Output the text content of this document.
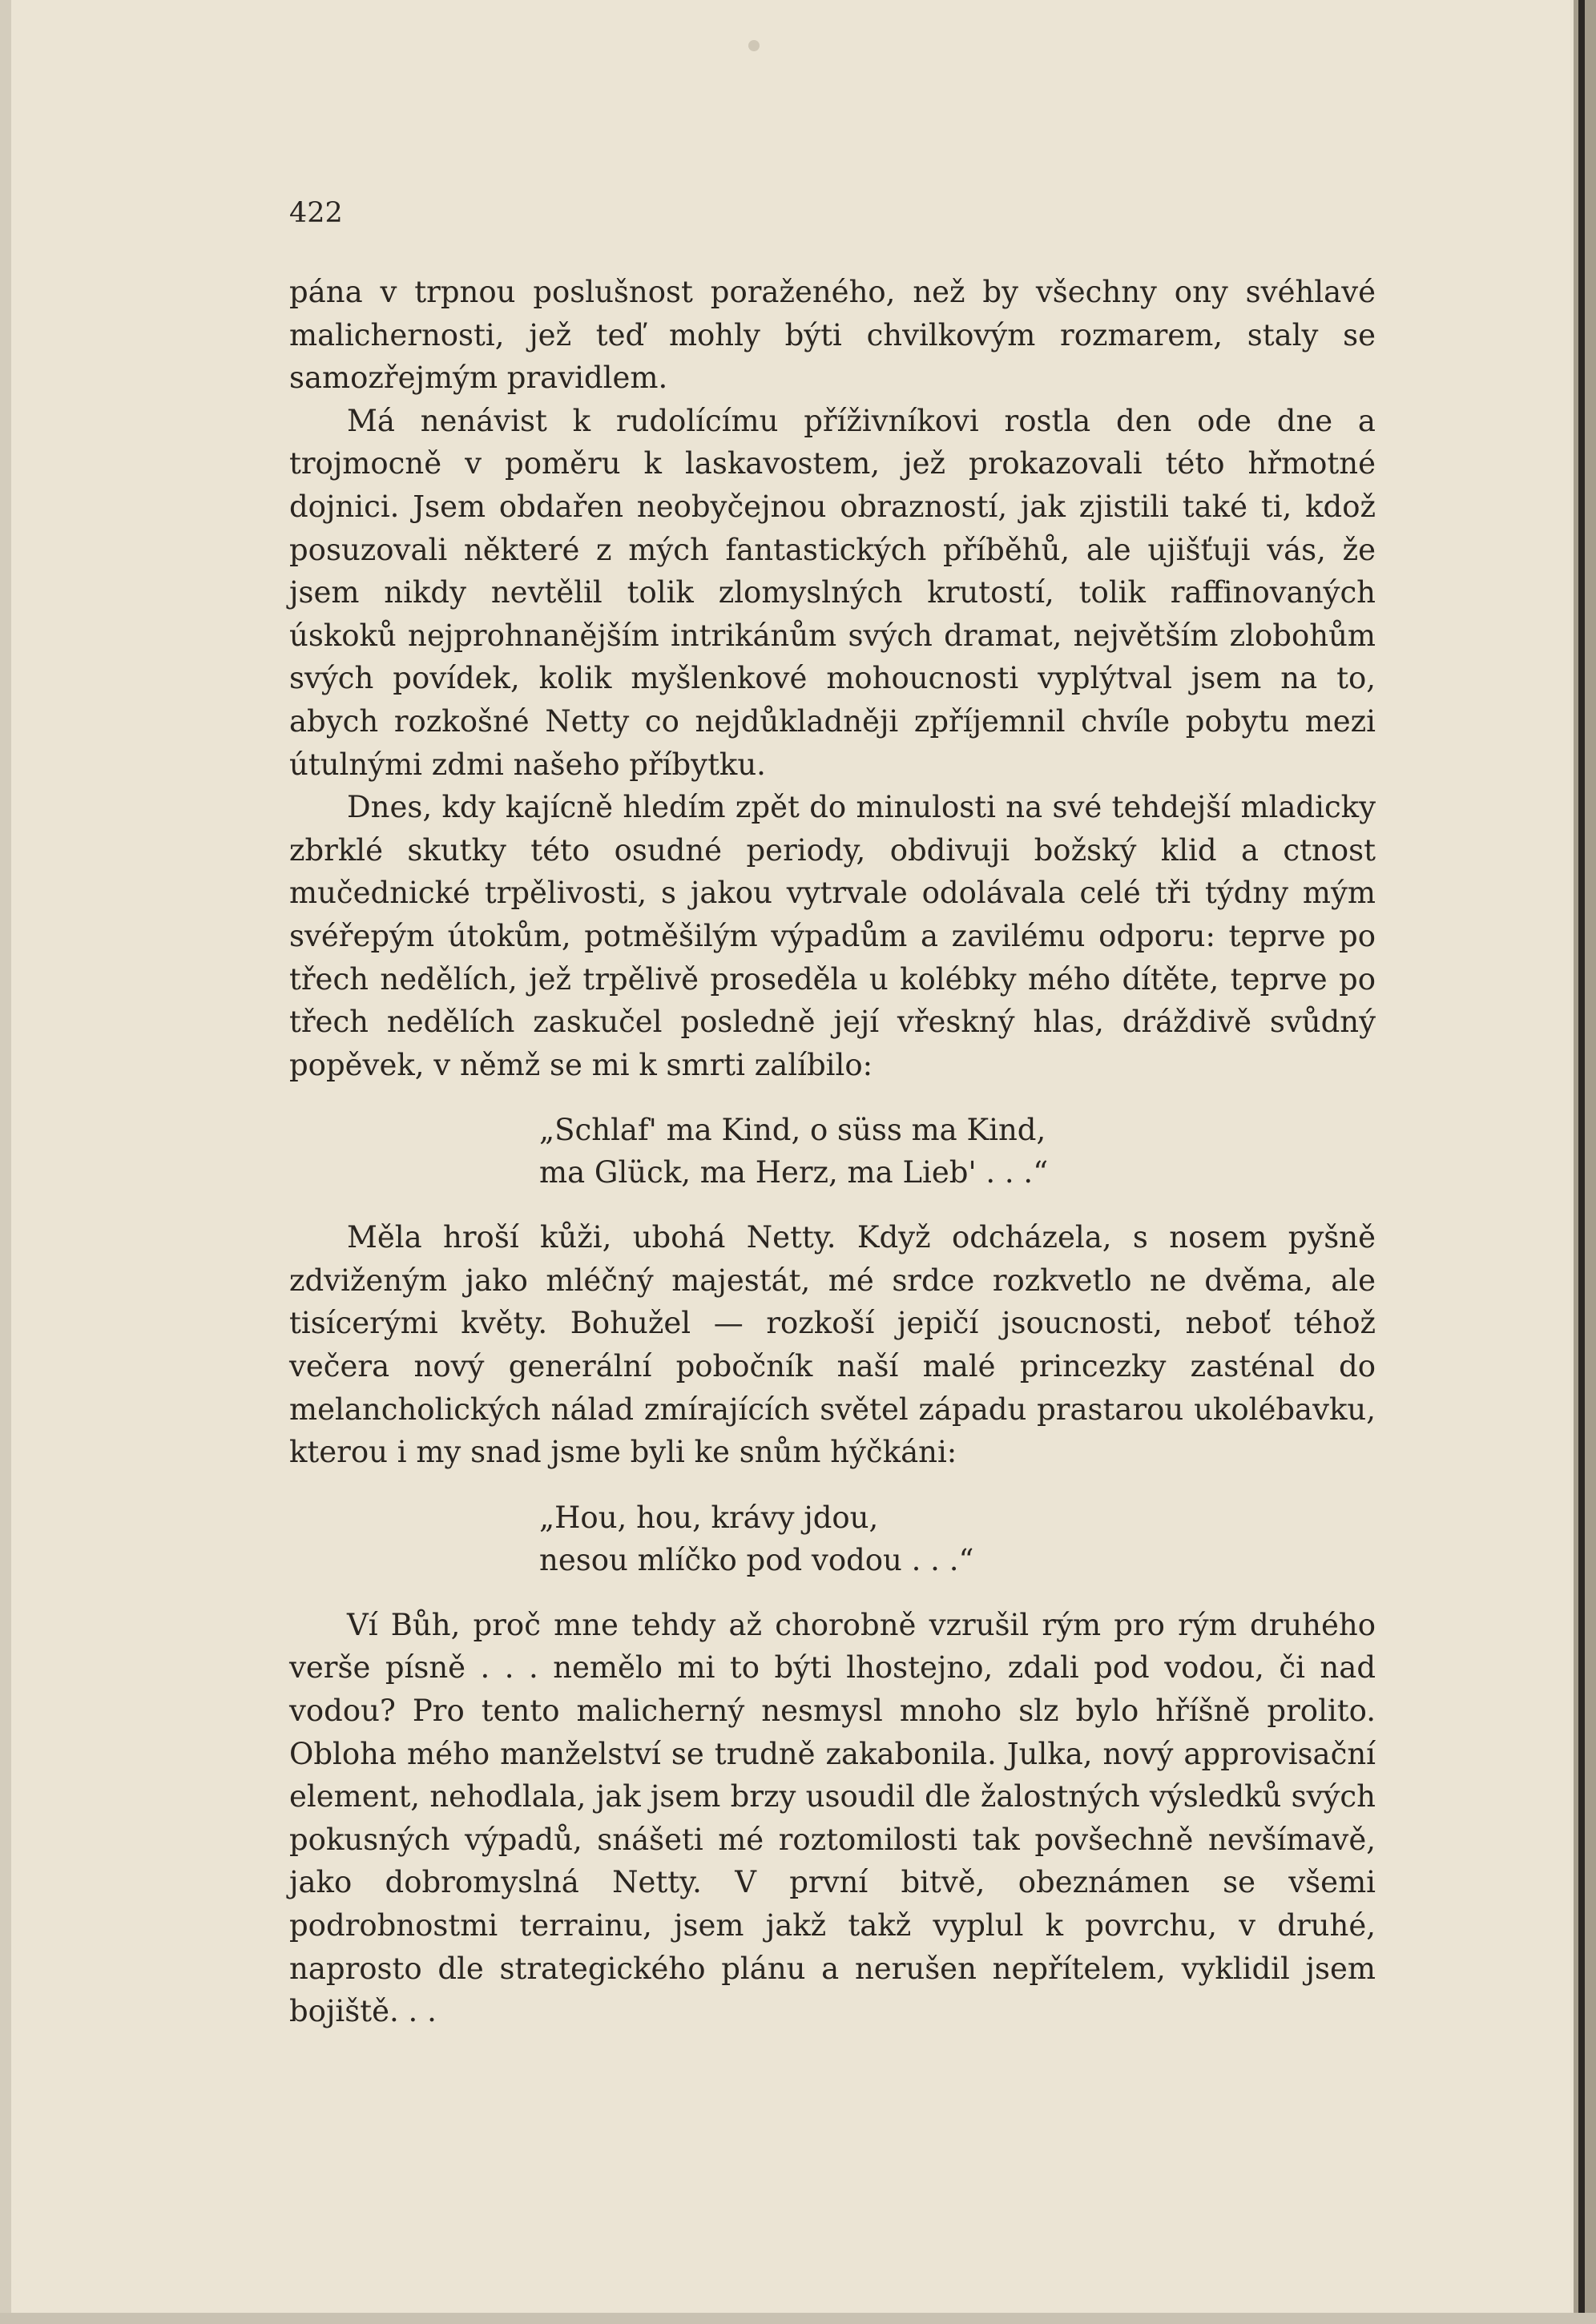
422

pána v trpnou poslušnost poraženého, než by všechny ony svéhlavé malichernosti, jež teď mohly býti chvilkovým rozmarem, staly se samozřejmým pravidlem.

Má nenávist k rudolícímu příživníkovi rostla den ode dne a trojmocně v poměru k laskavostem, jež prokazovali této hřmotné dojnici. Jsem obdařen neobyčejnou obrazností, jak zjistili také ti, kdož posuzovali některé z mých fantastických příběhů, ale ujišťuji vás, že jsem nikdy nevtělil tolik zlomyslných krutostí, tolik raffinovaných úskoků nejprohnanějším intrikánům svých dramat, největším zlobohům svých povídek, kolik myšlenkové mohoucnosti vyplýtval jsem na to, abych rozkošné Netty co nejdůkladněji zpříjemnil chvíle pobytu mezi útulnými zdmi našeho příbytku.

Dnes, kdy kajícně hledím zpět do minulosti na své tehdejší mladicky zbrklé skutky této osudné periody, obdivuji božský klid a ctnost mučednické trpělivosti, s jakou vytrvale odolávala celé tři týdny mým svéřepým útokům, potměšilým výpadům a zavilému odporu: teprve po třech nedělích, jež trpělivě proseděla u kolébky mého dítěte, teprve po třech nedělích zaskučel posledně její vřeskný hlas, dráždivě svůdný popěvek, v němž se mi k smrti zalíbilo:

„Schlaf' ma Kind, o süss ma Kind,
ma Glück, ma Herz, ma Lieb' . . .“

Měla hroší kůži, ubohá Netty. Když odcházela, s nosem pyšně zdviženým jako mléčný majestát, mé srdce rozkvetlo ne dvěma, ale tisícerými květy. Bohužel — rozkoší jepičí jsoucnosti, neboť téhož večera nový generální pobočník naší malé princezky zasténal do melancholických nálad zmírajících světel západu prastarou ukolébavku, kterou i my snad jsme byli ke snům hýčkáni:

„Hou, hou, krávy jdou,
nesou mlíčko pod vodou . . .“

Ví Bůh, proč mne tehdy až chorobně vzrušil rým pro rým druhého verše písně . . . nemělo mi to býti lhostejno, zdali pod vodou, či nad vodou? Pro tento malicherný nesmysl mnoho slz bylo hříšně prolito. Obloha mého manželství se trudně zakabonila. Julka, nový approvisační element, nehodlala, jak jsem brzy usoudil dle žalostných výsledků svých pokusných výpadů, snášeti mé roztomilosti tak povšechně nevšímavě, jako dobromyslná Netty. V první bitvě, obeznámen se všemi podrobnostmi terrainu, jsem jakž takž vyplul k povrchu, v druhé, naprosto dle strategického plánu a nerušen nepřítelem, vyklidil jsem bojiště. . .
